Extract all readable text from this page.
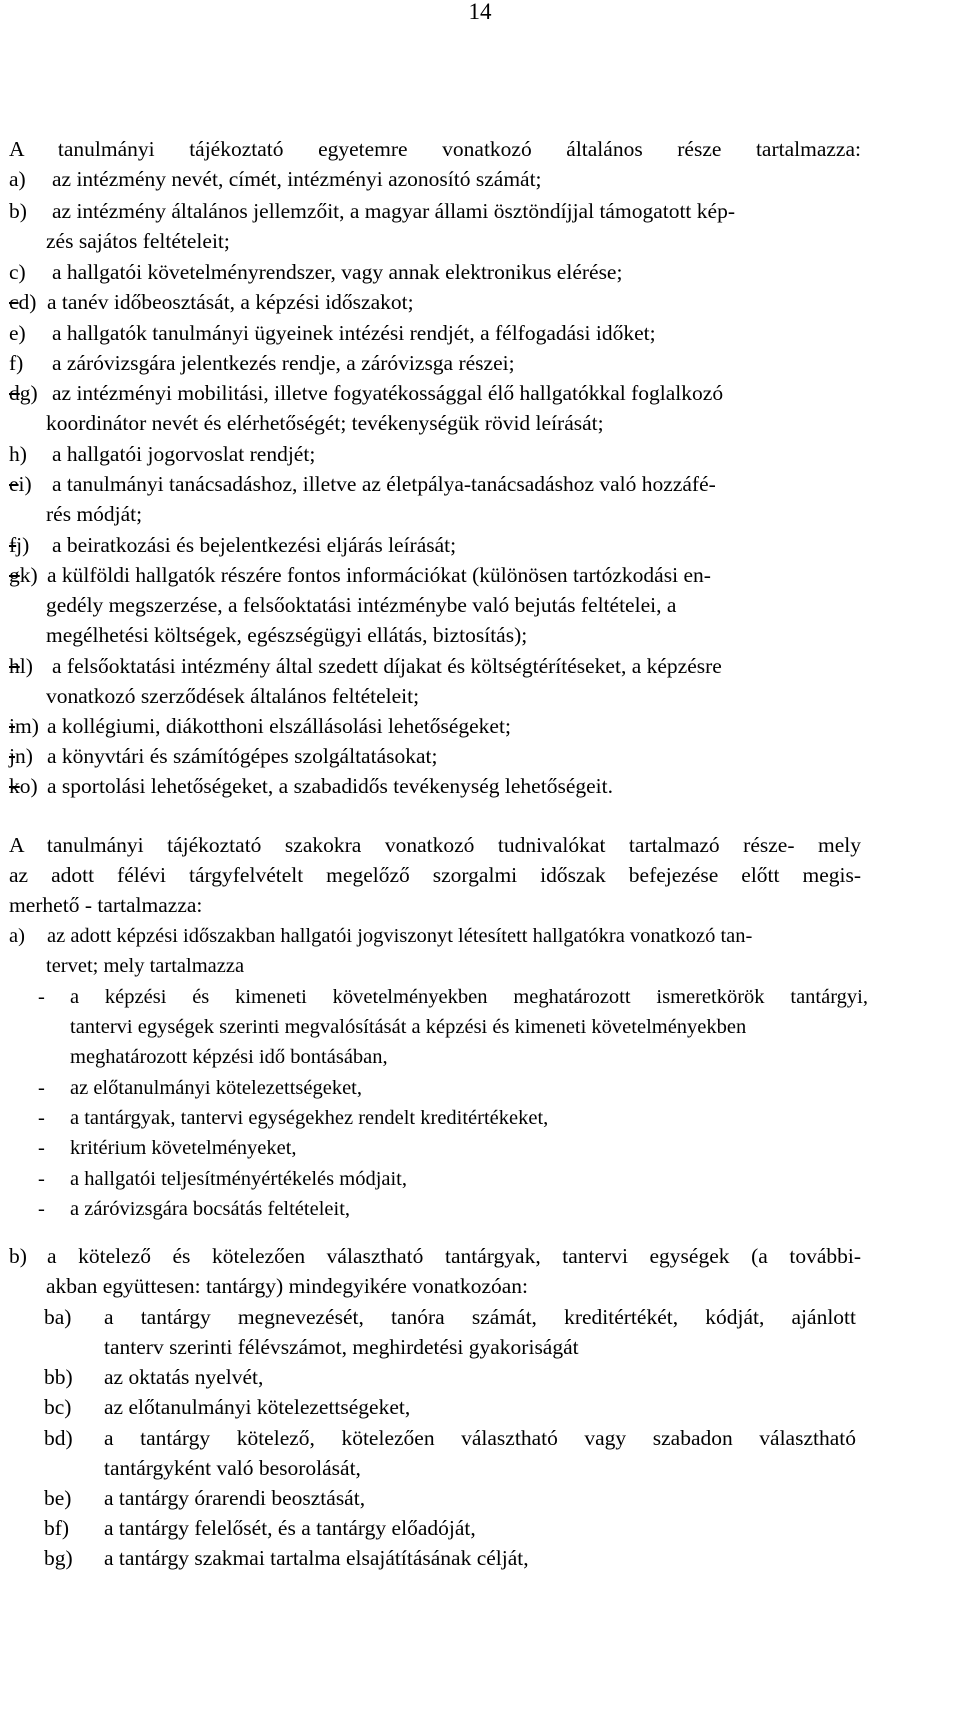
14
A tanulmányi tájékoztató egyetemre vonatkozó általános része tartalmazza:
a) az intézmény nevét, címét, intézményi azonosító számát;
b) az intézmény általános jellemzőit, a magyar állami ösztöndíjjal támogatott kép-
zés sajátos feltételeit;
c) a hallgatói követelményrendszer, vagy annak elektronikus elérése;
cd) a tanév időbeosztását, a képzési időszakot;
e) a hallgatók tanulmányi ügyeinek intézési rendjét, a félfogadási időket;
f) a záróvizsgára jelentkezés rendje, a záróvizsga részei;
dg) az intézményi mobilitási, illetve fogyatékossággal élő hallgatókkal foglalkozó
koordinátor nevét és elérhetőségét; tevékenységük rövid leírását;
h) a hallgatói jogorvoslat rendjét;
ei) a tanulmányi tanácsadáshoz, illetve az életpálya-tanácsadáshoz való hozzáfé-
rés módját;
fj) a beiratkozási és bejelentkezési eljárás leírását;
gk) a külföldi hallgatók részére fontos információkat (különösen tartózkodási en-
gedély megszerzése, a felsőoktatási intézménybe való bejutás feltételei, a
megélhetési költségek, egészségügyi ellátás, biztosítás);
hl) a felsőoktatási intézmény által szedett díjakat és költségtérítéseket, a képzésre
vonatkozó szerződések általános feltételeit;
im) a kollégiumi, diákotthoni elszállásolási lehetőségeket;
jn) a könyvtári és számítógépes szolgáltatásokat;
ko) a sportolási lehetőségeket, a szabadidős tevékenység lehetőségeit.
A tanulmányi tájékoztató szakokra vonatkozó tudnivalókat tartalmazó része- mely
az adott félévi tárgyfelvételt megelőző szorgalmi időszak befejezése előtt megis-
merhető - tartalmazza:
a) az adott képzési időszakban hallgatói jogviszonyt létesített hallgatókra vonatkozó tan-
tervet; mely tartalmazza
- a képzési és kimeneti követelményekben meghatározott ismeretkörök tantárgyi,
tantervi egységek szerinti megvalósítását a képzési és kimeneti követelményekben
meghatározott képzési idő bontásában,
- az előtanulmányi kötelezettségeket,
- a tantárgyak, tantervi egységekhez rendelt kreditértékeket,
- kritérium követelményeket,
- a hallgatói teljesítményértékelés módjait,
- a záróvizsgára bocsátás feltételeit,
b) a kötelező és kötelezően választható tantárgyak, tantervi egységek (a további-
akban együttesen: tantárgy) mindegyikére vonatkozóan:
ba) a tantárgy megnevezését, tanóra számát, kreditértékét, kódját, ajánlott
tanterv szerinti félévszámot, meghirdetési gyakoriságát
bb) az oktatás nyelvét,
bc) az előtanulmányi kötelezettségeket,
bd) a tantárgy kötelező, kötelezően választható vagy szabadon választható
tantárgyként való besorolását,
be) a tantárgy órarendi beosztását,
bf) a tantárgy felelősét, és a tantárgy előadóját,
bg) a tantárgy szakmai tartalma elsajátításának célját,
